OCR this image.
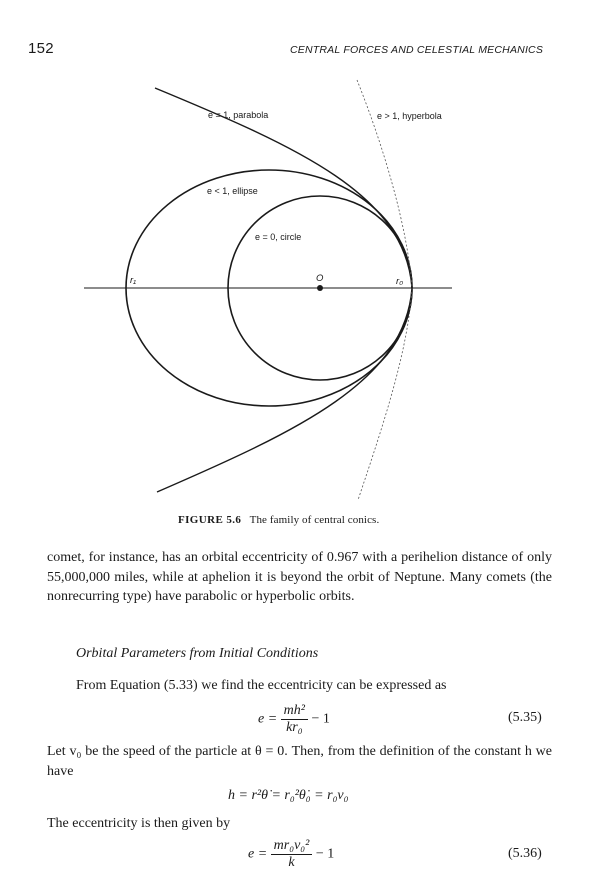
152	CENTRAL FORCES AND CELESTIAL MECHANICS
e = 1, parabola	e > 1, hyperbola
e < 1, ellipse
e = 0, circle
O
r₁	r₀
FIGURE 5.6 The family of central conics.

comet, for instance, has an orbital eccentricity of 0.967 with a perihelion distance of only 55,000,000 miles, while at aphelion it is beyond the orbit of Neptune. Many comets (the nonrecurring type) have parabolic or hyperbolic orbits.

Orbital Parameters from Initial Conditions

From Equation (5.33) we find the eccentricity can be expressed as

$e = \frac{\text{mh²}}{\text{kr₀}} - 1$	(5.35)

Let v₀ be the speed of the particle at θ = 0. Then, from the definition of the constant h we have

h = r²θ̇ = r₀²θ̇₀ = r₀v₀

The eccentricity is then given by

$e = \frac{\text{mr₀v₀²}}{k} - 1$	(5.36)
